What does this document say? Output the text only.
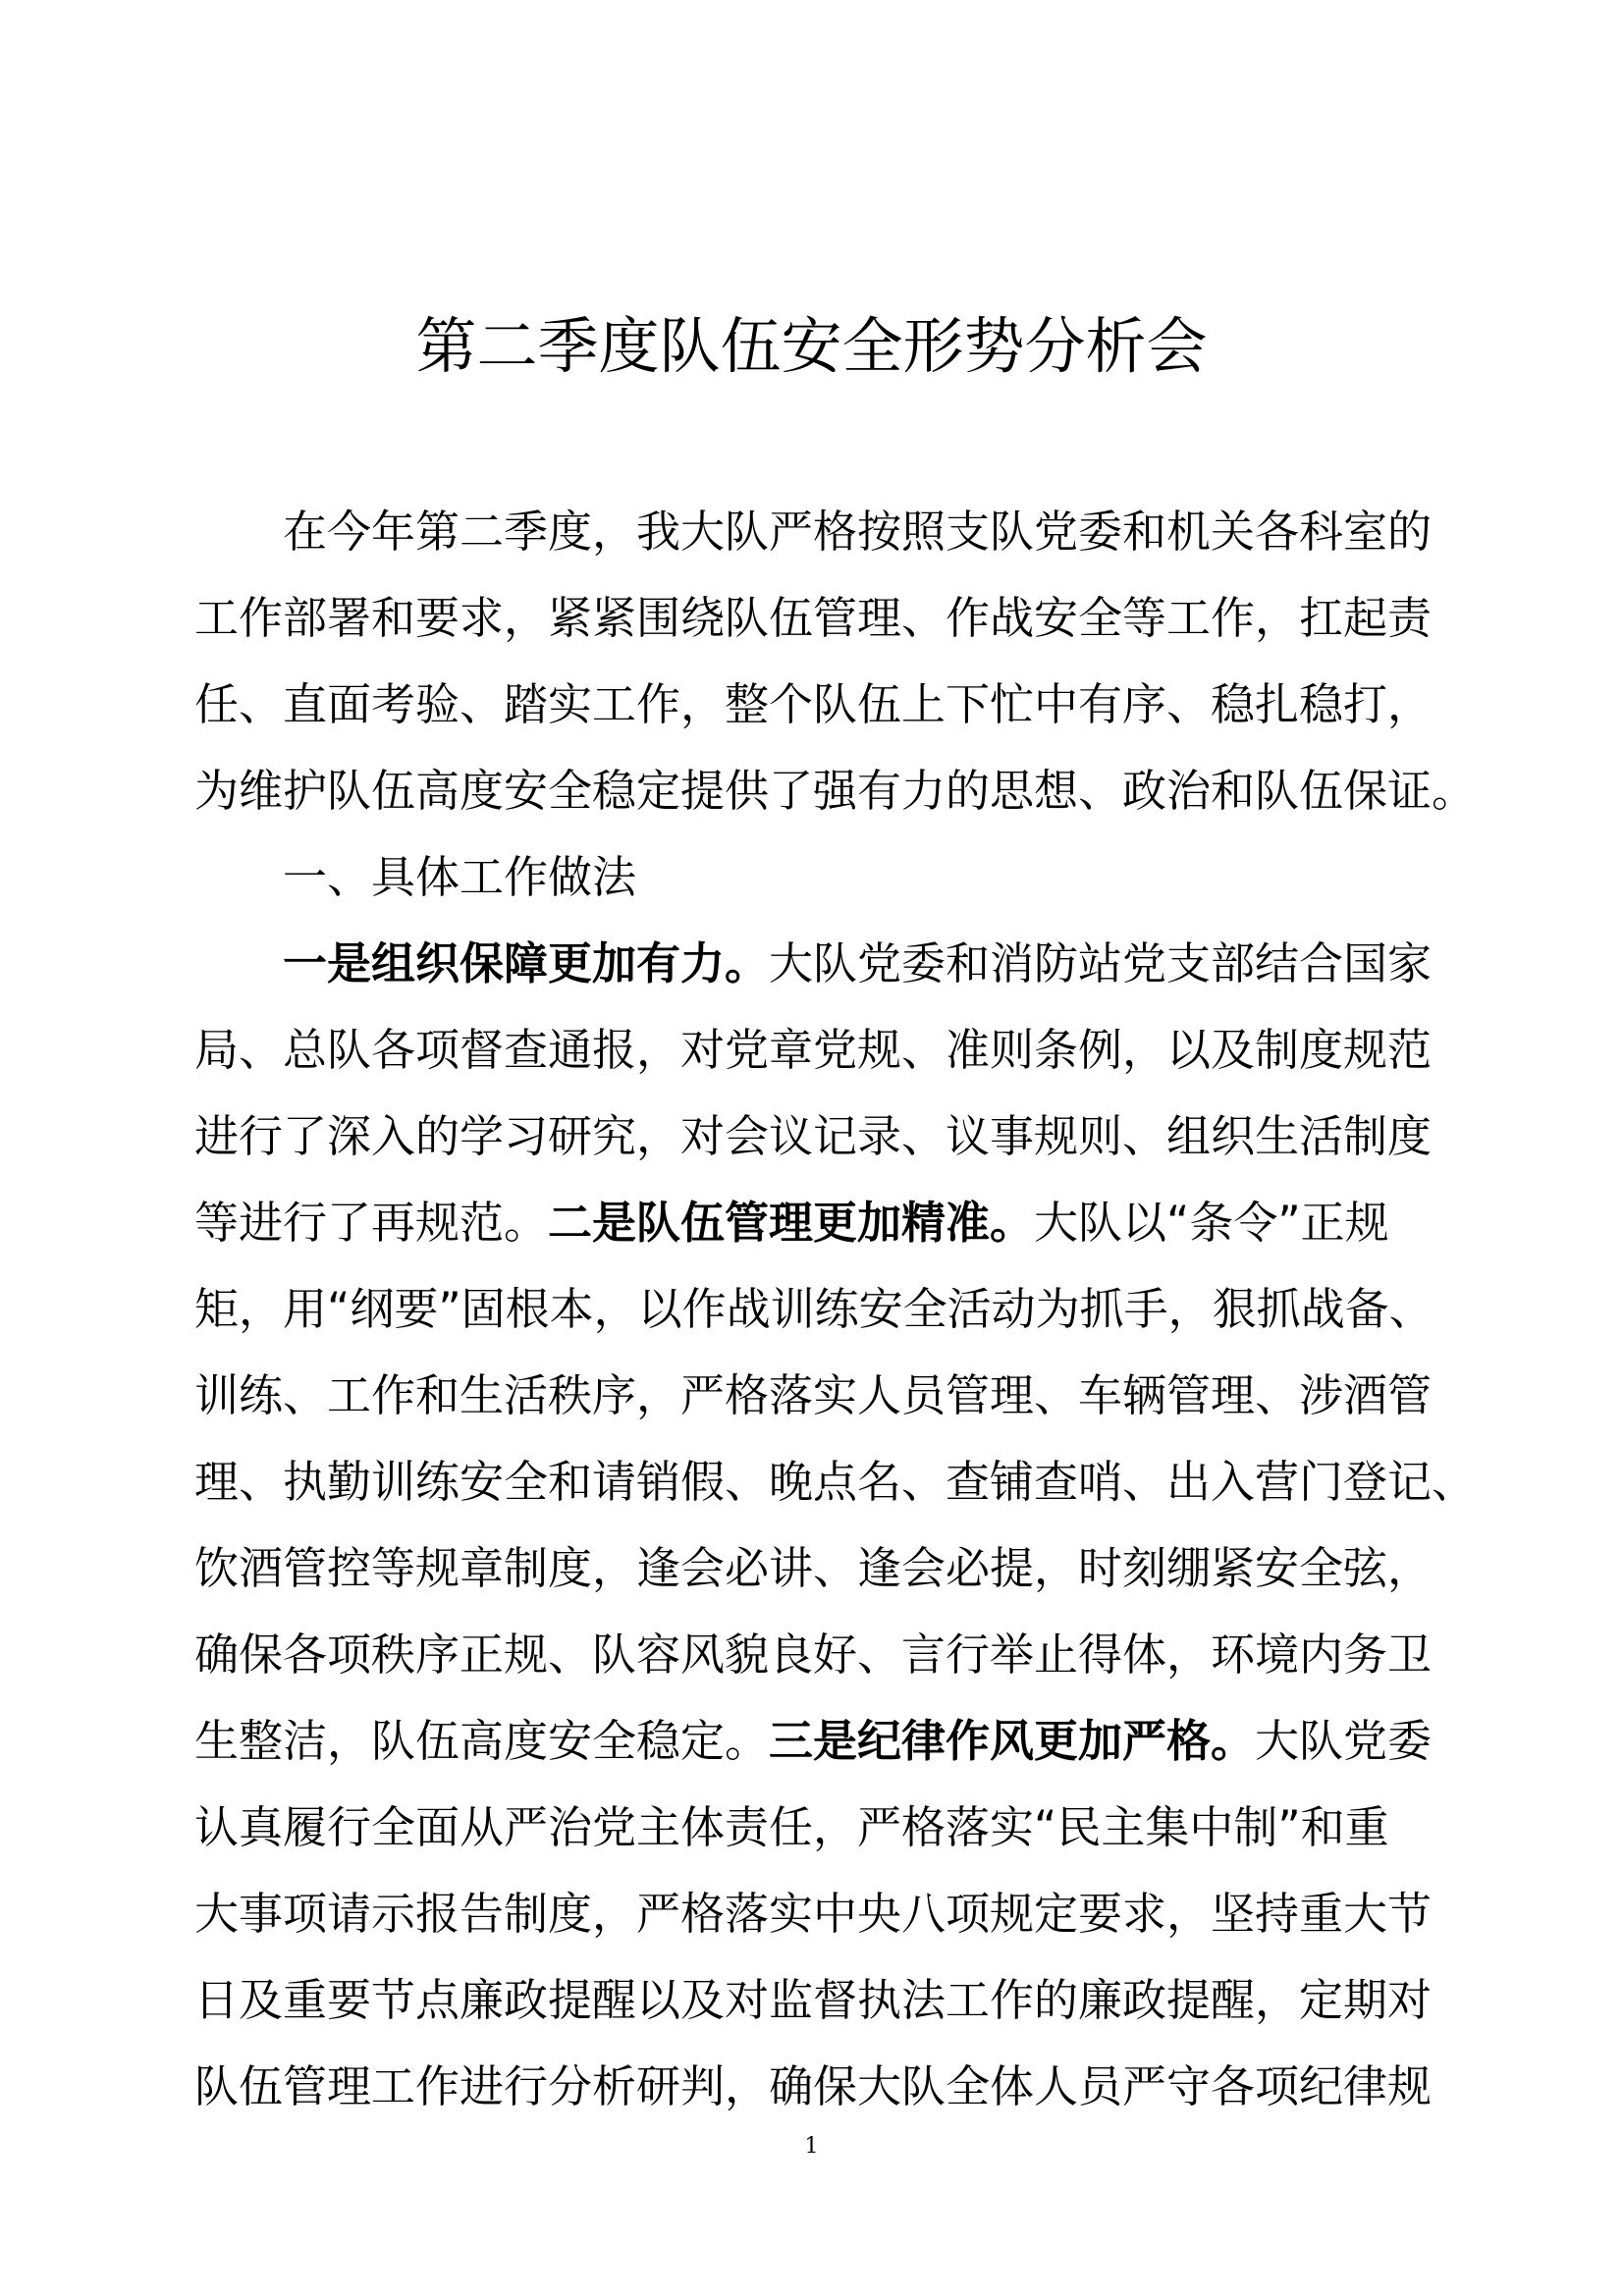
第二季度队伍安全形势分析会
在今年第二季度，我大队严格按照支队党委和机关各科室的
工作部署和要求，紧紧围绕队伍管理、作战安全等工作，扛起责
任、直面考验、踏实工作，整个队伍上下忙中有序、稳扎稳打，
为维护队伍高度安全稳定提供了强有力的思想、政治和队伍保证。
一、具体工作做法
一是组织保障更加有力。大队党委和消防站党支部结合国家
局、总队各项督查通报，对党章党规、准则条例，以及制度规范
进行了深入的学习研究，对会议记录、议事规则、组织生活制度
等进行了再规范。二是队伍管理更加精准。大队以“条令”正规
矩，用“纲要”固根本，以作战训练安全活动为抓手，狠抓战备、
训练、工作和生活秩序，严格落实人员管理、车辆管理、涉酒管
理、执勤训练安全和请销假、晚点名、查铺查哨、出入营门登记、
饮酒管控等规章制度，逢会必讲、逢会必提，时刻绷紧安全弦，
确保各项秩序正规、队容风貌良好、言行举止得体，环境内务卫
生整洁，队伍高度安全稳定。三是纪律作风更加严格。大队党委
认真履行全面从严治党主体责任，严格落实“民主集中制”和重
大事项请示报告制度，严格落实中央八项规定要求，坚持重大节
日及重要节点廉政提醒以及对监督执法工作的廉政提醒，定期对
队伍管理工作进行分析研判，确保大队全体人员严守各项纪律规
1
